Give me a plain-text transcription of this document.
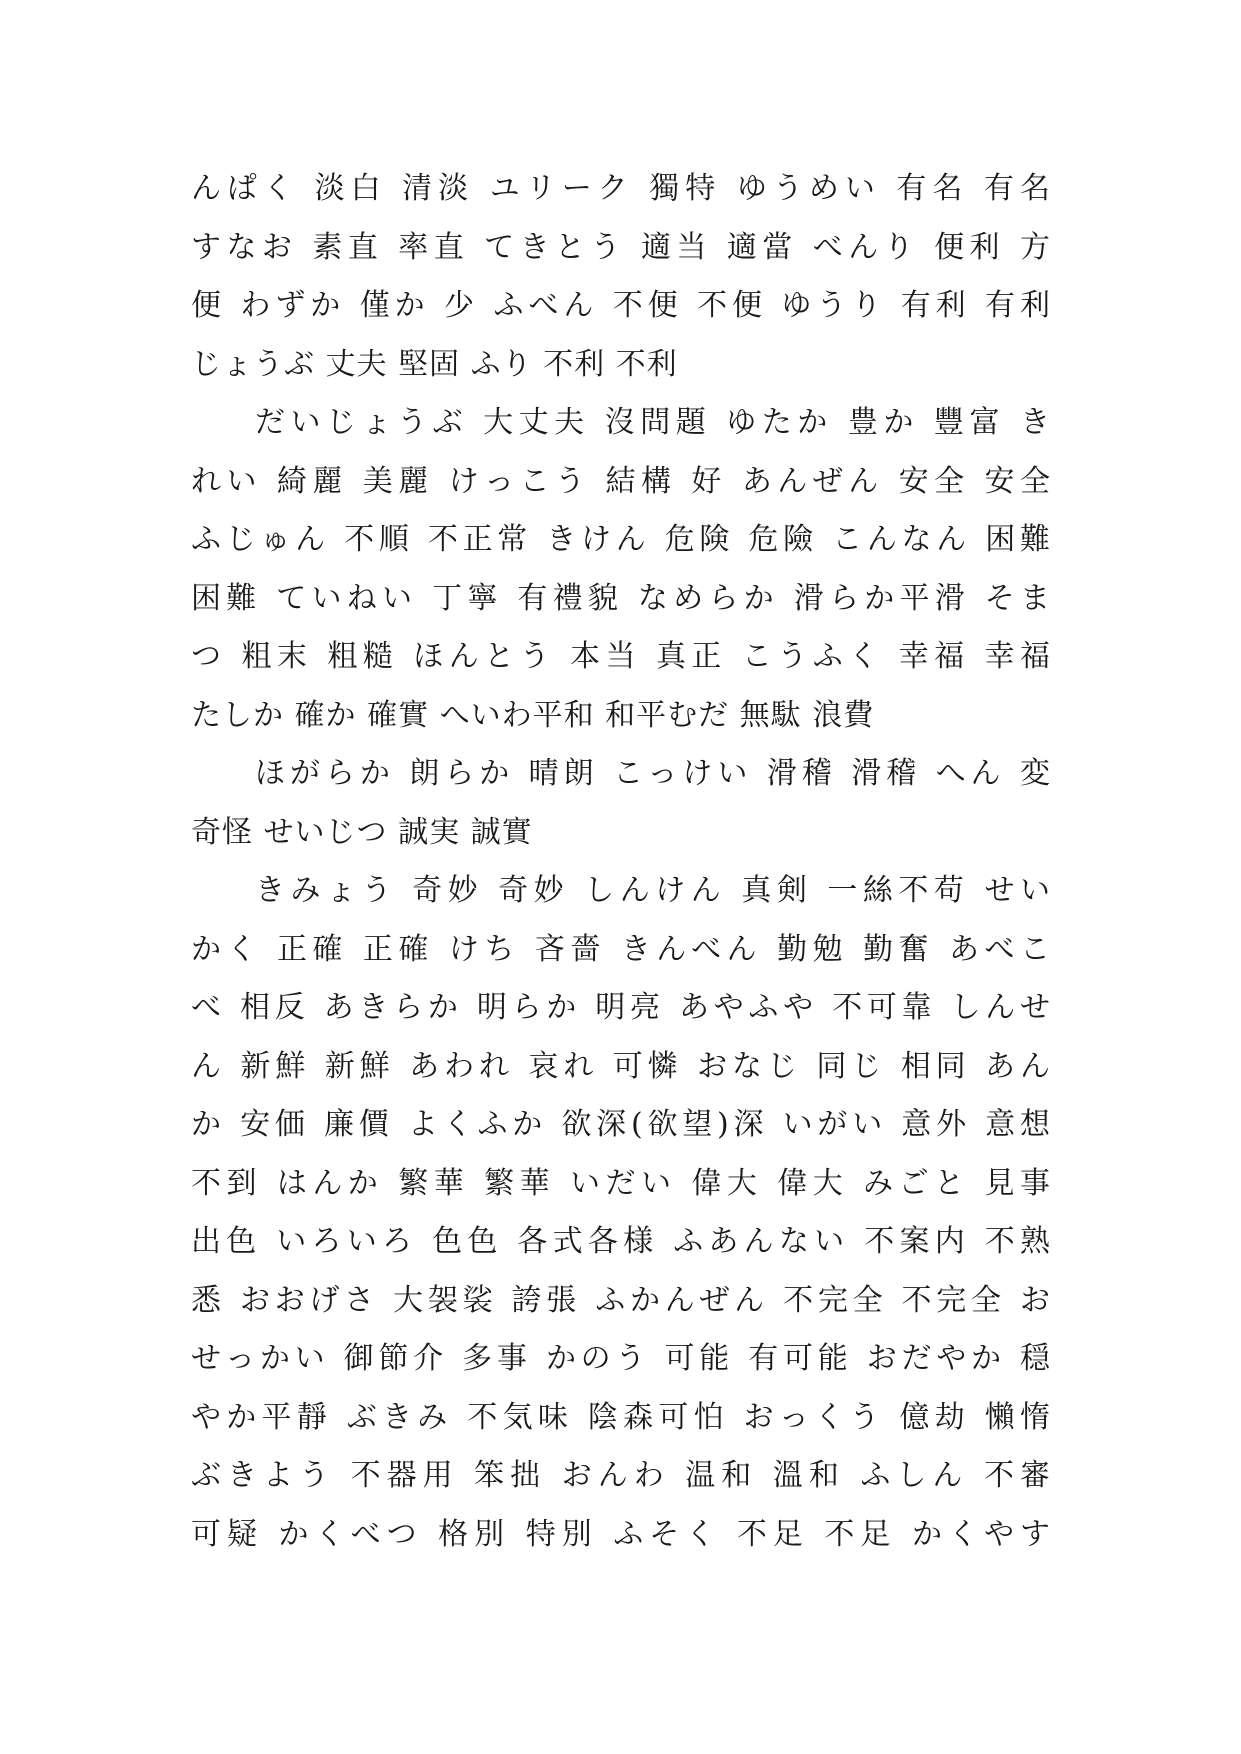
んぱく 淡白 清淡 ユリーク 獨特 ゆうめい 有名 有名
すなお 素直 率直 てきとう 適当 適當 べんり 便利 方
便 わずか 僅か 少 ふべん 不便 不便 ゆうり 有利 有利
じょうぶ 丈夫 堅固 ふり 不利 不利
だいじょうぶ 大丈夫 沒問題 ゆたか 豊か 豐富 き
れい 綺麗 美麗 けっこう 結構 好 あんぜん 安全 安全
ふじゅん 不順 不正常 きけん 危険 危險 こんなん 困難
困難 ていねい 丁寧 有禮貌 なめらか 滑らか平滑 そま
つ 粗末 粗糙 ほんとう 本当 真正 こうふく 幸福 幸福
たしか 確か 確實 へいわ平和 和平むだ 無駄 浪費
ほがらか 朗らか 晴朗 こっけい 滑稽 滑稽 へん 変
奇怪 せいじつ 誠実 誠實
きみょう 奇妙 奇妙 しんけん 真剣 一絲不苟 せい
かく 正確 正確 けち 吝嗇 きんべん 勤勉 勤奮 あべこ
べ 相反 あきらか 明らか 明亮 あやふや 不可靠 しんせ
ん 新鮮 新鮮 あわれ 哀れ 可憐 おなじ 同じ 相同 あん
か 安価 廉價 よくふか 欲深(欲望)深 いがい 意外 意想
不到 はんか 繁華 繁華 いだい 偉大 偉大 みごと 見事
出色 いろいろ 色色 各式各様 ふあんない 不案内 不熟
悉 おおげさ 大袈裟 誇張 ふかんぜん 不完全 不完全 お
せっかい 御節介 多事 かのう 可能 有可能 おだやか 穏
やか平靜 ぶきみ 不気味 陰森可怕 おっくう 億劫 懶惰
ぶきよう 不器用 笨拙 おんわ 温和 溫和 ふしん 不審
可疑 かくべつ 格別 特別 ふそく 不足 不足 かくやす
